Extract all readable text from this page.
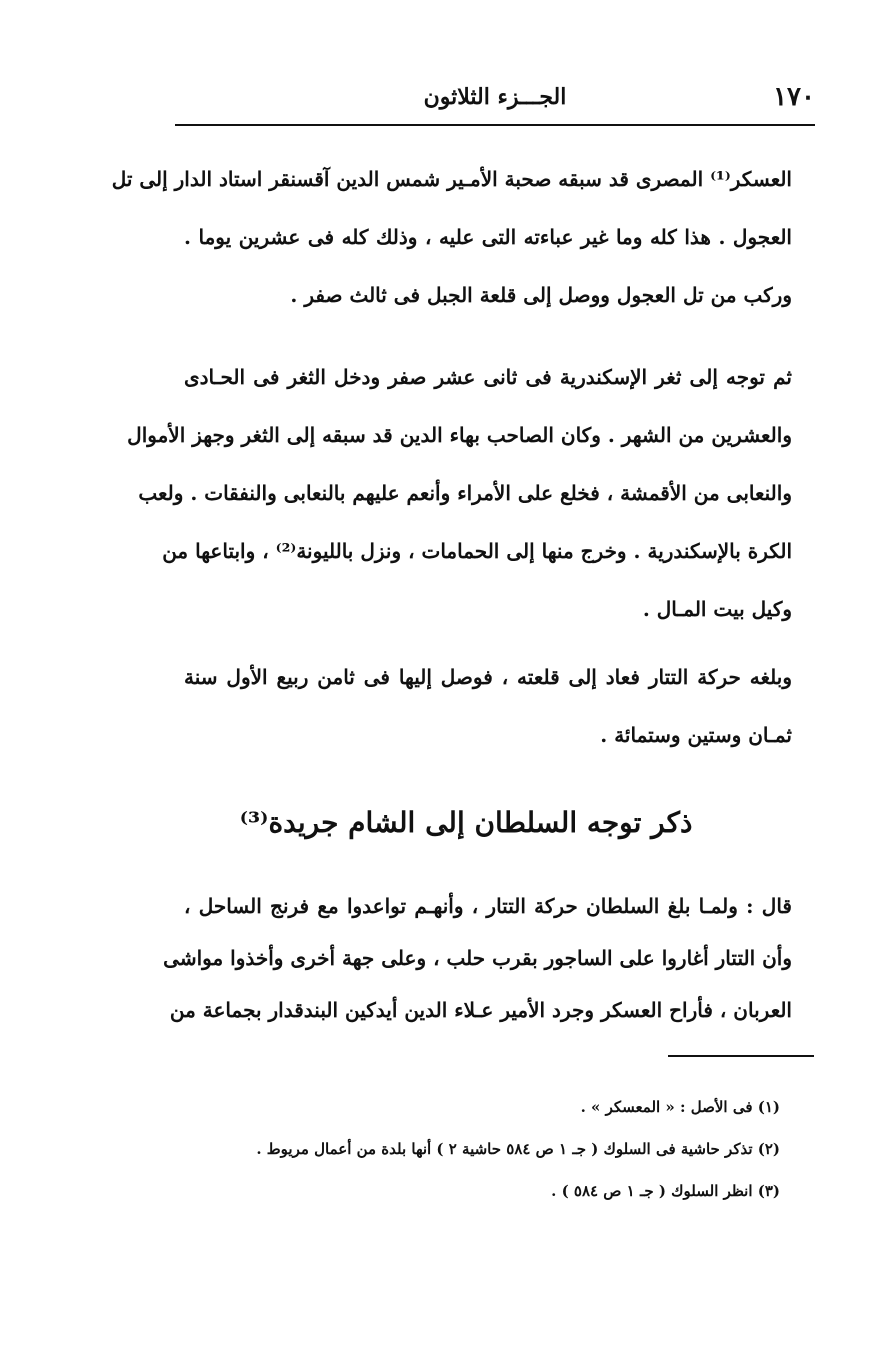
١٧٠
الجـــزء الثلاثون

العسكر⁽¹⁾ المصرى قد سبقه صحبة الأمـير شمس الدين آقسنقر استاد الدار إلى تل
العجول . هذا كله وما غير عباءته التى عليه ، وذلك كله فى عشرين يوما .
وركب من تل العجول ووصل إلى قلعة الجبل فى ثالث صفر .

ثم توجه إلى ثغر الإسكندرية فى ثانى عشر صفر ودخل الثغر فى الحـادى
والعشرين من الشهر . وكان الصاحب بهاء الدين قد سبقه إلى الثغر وجهز الأموال
والنعابى من الأقمشة ، فخلع على الأمراء وأنعم عليهم بالنعابى والنفقات . ولعب
الكرة بالإسكندرية . وخرج منها إلى الحمامات ، ونزل بالليونة⁽²⁾ ، وابتاعها من
وكيل بيت المـال .

وبلغه حركة التتار فعاد إلى قلعته ، فوصل إليها فى ثامن ربيع الأول سنة
ثمـان وستين وستمائة .

ذكر توجه السلطان إلى الشام جريدة⁽³⁾

قال : ولمـا بلغ السلطان حركة التتار ، وأنهـم تواعدوا مع فرنج الساحل ،
وأن التتار أغاروا على الساجور بقرب حلب ، وعلى جهة أخرى وأخذوا مواشى
العربان ، فأراح العسكر وجرد الأمير عـلاء الدين أيدكين البندقدار بجماعة من

(١) فى الأصل : « المعسكر » .
(٢) تذكر حاشية فى السلوك ( جـ ١ ص ٥٨٤ حاشية ٢ ) أنها بلدة من أعمال مريوط .
(٣) انظر السلوك ( جـ ١ ص ٥٨٤ ) .
